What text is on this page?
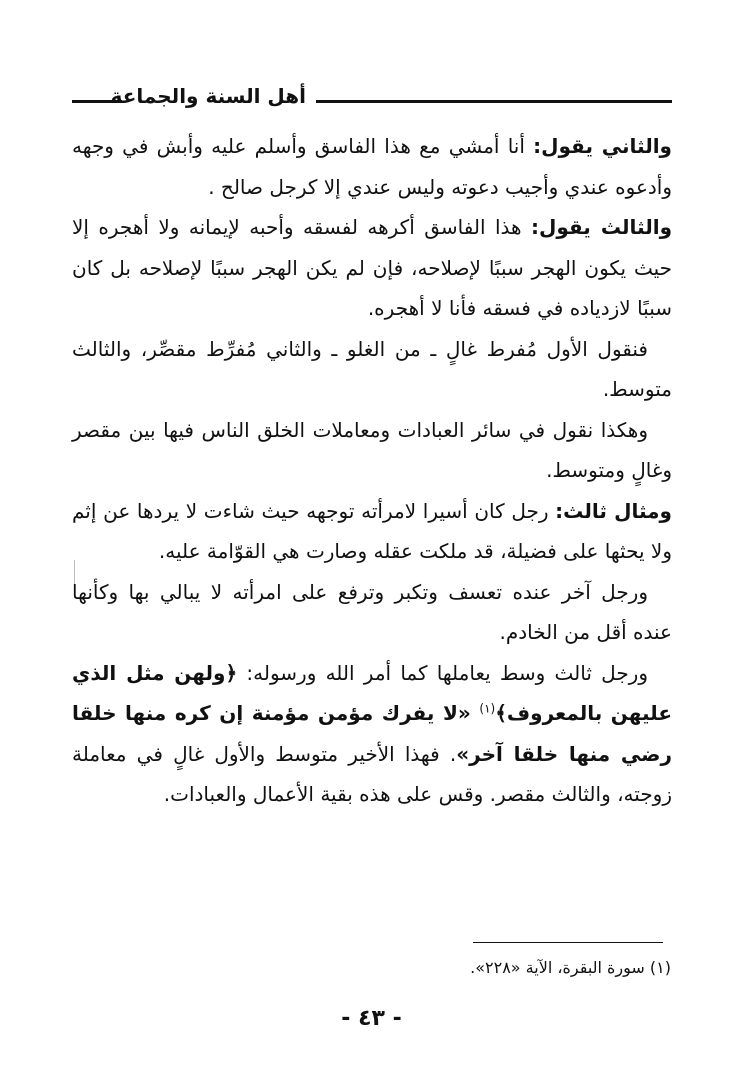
أهل السنة والجماعة

والثاني يقول: أنا أمشي مع هذا الفاسق وأسلم عليه وأبش في وجهه وأدعوه عندي وأجيب دعوته وليس عندي إلا كرجل صالح .

والثالث يقول: هذا الفاسق أكرهه لفسقه وأحبه لإيمانه ولا أهجره إلا حيث يكون الهجر سببًا لإصلاحه، فإن لم يكن الهجر سببًا لإصلاحه بل كان سببًا لازدياده في فسقه فأنا لا أهجره.

فنقول الأول مُفرط غالٍ ـ من الغلو ـ والثاني مُفرِّط مقصِّر، والثالث متوسط.

وهكذا نقول في سائر العبادات ومعاملات الخلق الناس فيها بين مقصر وغالٍ ومتوسط.

ومثال ثالث: رجل كان أسيرا لامرأته توجهه حيث شاءت لا يردها عن إثم ولا يحثها على فضيلة، قد ملكت عقله وصارت هي القوّامة عليه.

ورجل آخر عنده تعسف وتكبر وترفع على امرأته لا يبالي بها وكأنها عنده أقل من الخادم.

ورجل ثالث وسط يعاملها كما أمر الله ورسوله: ﴿ولهن مثل الذي عليهن بالمعروف﴾$^{(١)}$ «لا يفرك مؤمن مؤمنة إن كره منها خلقا رضي منها خلقا آخر». فهذا الأخير متوسط والأول غالٍ في معاملة زوجته، والثالث مقصر. وقس على هذه بقية الأعمال والعبادات.

(١) سورة البقرة، الآية «٢٢٨».
- ٤٣ -
